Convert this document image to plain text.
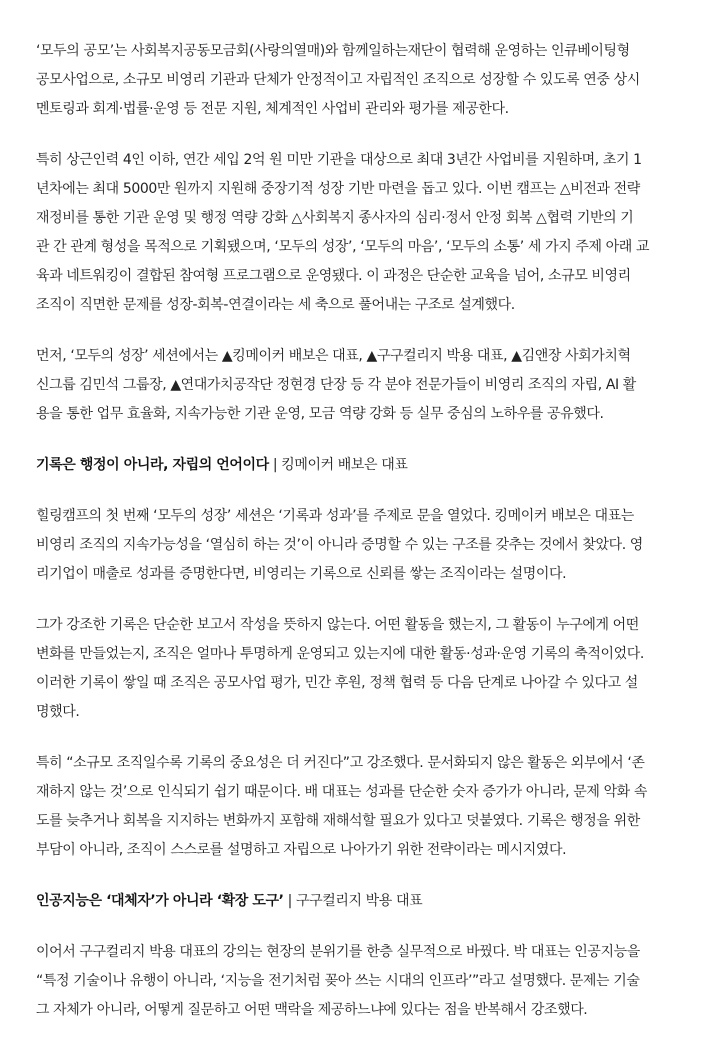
‘모두의 공모’는 사회복지공동모금회(사랑의열매)와 함께일하는재단이 협력해 운영하는 인큐베이팅형
공모사업으로, 소규모 비영리 기관과 단체가 안정적이고 자립적인 조직으로 성장할 수 있도록 연중 상시
멘토링과 회계·법률·운영 등 전문 지원, 체계적인 사업비 관리와 평가를 제공한다.
특히 상근인력 4인 이하, 연간 세입 2억 원 미만 기관을 대상으로 최대 3년간 사업비를 지원하며, 초기 1
년차에는 최대 5000만 원까지 지원해 중장기적 성장 기반 마련을 돕고 있다. 이번 캠프는 △비전과 전략
재정비를 통한 기관 운영 및 행정 역량 강화 △사회복지 종사자의 심리·정서 안정 회복 △협력 기반의 기
관 간 관계 형성을 목적으로 기획됐으며, ‘모두의 성장’, ‘모두의 마음’, ‘모두의 소통’ 세 가지 주제 아래 교
육과 네트워킹이 결합된 참여형 프로그램으로 운영됐다. 이 과정은 단순한 교육을 넘어, 소규모 비영리
조직이 직면한 문제를 성장-회복-연결이라는 세 축으로 풀어내는 구조로 설계했다.
먼저, ‘모두의 성장’ 세션에서는 ▲킹메이커 배보은 대표, ▲구구컬리지 박용 대표, ▲김앤장 사회가치혁
신그룹 김민석 그룹장, ▲연대가치공작단 정현경 단장 등 각 분야 전문가들이 비영리 조직의 자립, AI 활
용을 통한 업무 효율화, 지속가능한 기관 운영, 모금 역량 강화 등 실무 중심의 노하우를 공유했다.
기록은 행정이 아니라, 자립의 언어이다 | 킹메이커 배보은 대표
힐링캠프의 첫 번째 ‘모두의 성장’ 세션은 ‘기록과 성과’를 주제로 문을 열었다. 킹메이커 배보은 대표는
비영리 조직의 지속가능성을 ‘열심히 하는 것’이 아니라 증명할 수 있는 구조를 갖추는 것에서 찾았다. 영
리기업이 매출로 성과를 증명한다면, 비영리는 기록으로 신뢰를 쌓는 조직이라는 설명이다.
그가 강조한 기록은 단순한 보고서 작성을 뜻하지 않는다. 어떤 활동을 했는지, 그 활동이 누구에게 어떤
변화를 만들었는지, 조직은 얼마나 투명하게 운영되고 있는지에 대한 활동·성과·운영 기록의 축적이었다.
이러한 기록이 쌓일 때 조직은 공모사업 평가, 민간 후원, 정책 협력 등 다음 단계로 나아갈 수 있다고 설
명했다.
특히 “소규모 조직일수록 기록의 중요성은 더 커진다”고 강조했다. 문서화되지 않은 활동은 외부에서 ‘존
재하지 않는 것’으로 인식되기 쉽기 때문이다. 배 대표는 성과를 단순한 숫자 증가가 아니라, 문제 악화 속
도를 늦추거나 회복을 지지하는 변화까지 포함해 재해석할 필요가 있다고 덧붙였다. 기록은 행정을 위한
부담이 아니라, 조직이 스스로를 설명하고 자립으로 나아가기 위한 전략이라는 메시지였다.
인공지능은 ‘대체자’가 아니라 ‘확장 도구’ | 구구컬리지 박용 대표
이어서 구구컬리지 박용 대표의 강의는 현장의 분위기를 한층 실무적으로 바꿨다. 박 대표는 인공지능을
“특정 기술이나 유행이 아니라, ‘지능을 전기처럼 꽂아 쓰는 시대의 인프라’”라고 설명했다. 문제는 기술
그 자체가 아니라, 어떻게 질문하고 어떤 맥락을 제공하느냐에 있다는 점을 반복해서 강조했다.
